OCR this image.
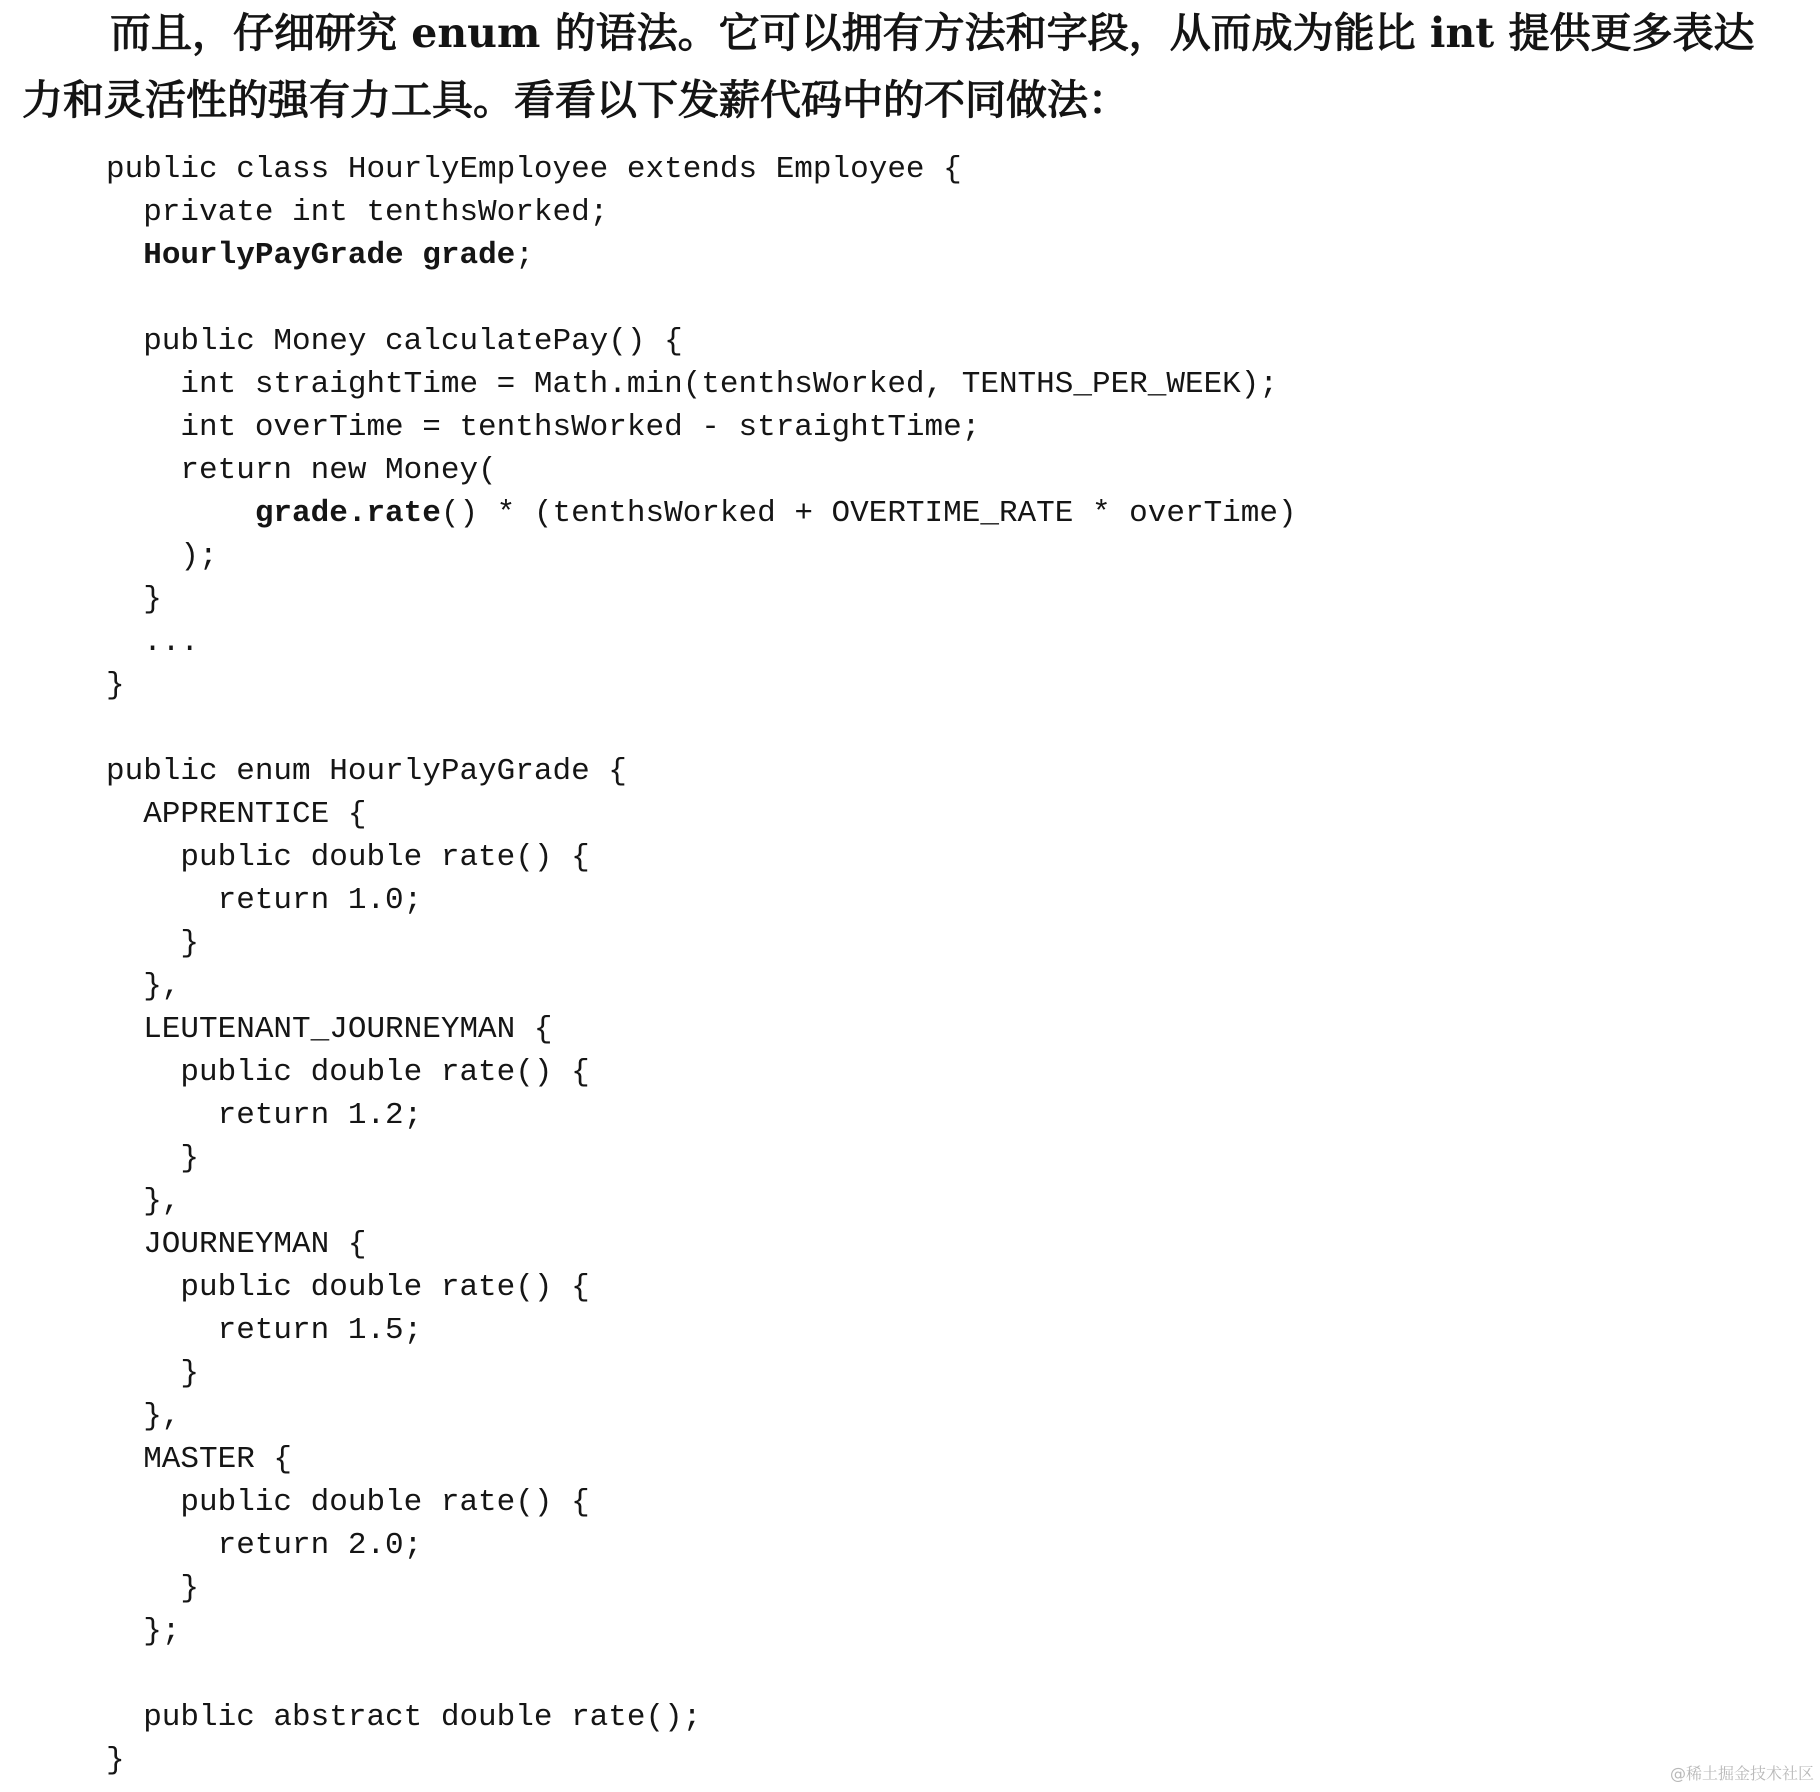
而且，仔细研究 enum 的语法。它可以拥有方法和字段，从而成为能比 int 提供更多表达力和灵活性的强有力工具。看看以下发薪代码中的不同做法：
public class HourlyEmployee extends Employee {
private int tenthsWorked;
HourlyPayGrade grade;
public Money calculatePay() {
int straightTime = Math.min(tenthsWorked, TENTHS_PER_WEEK);
int overTime = tenthsWorked - straightTime;
return new Money(
grade.rate() * (tenthsWorked + OVERTIME_RATE * overTime)
);
}
...
}
public enum HourlyPayGrade {
APPRENTICE {
public double rate() {
return 1.0;
}
},
LEUTENANT_JOURNEYMAN {
public double rate() {
return 1.2;
}
},
JOURNEYMAN {
public double rate() {
return 1.5;
}
},
MASTER {
public double rate() {
return 2.0;
}
};
public abstract double rate();
}	@稀土掘金技术社区
